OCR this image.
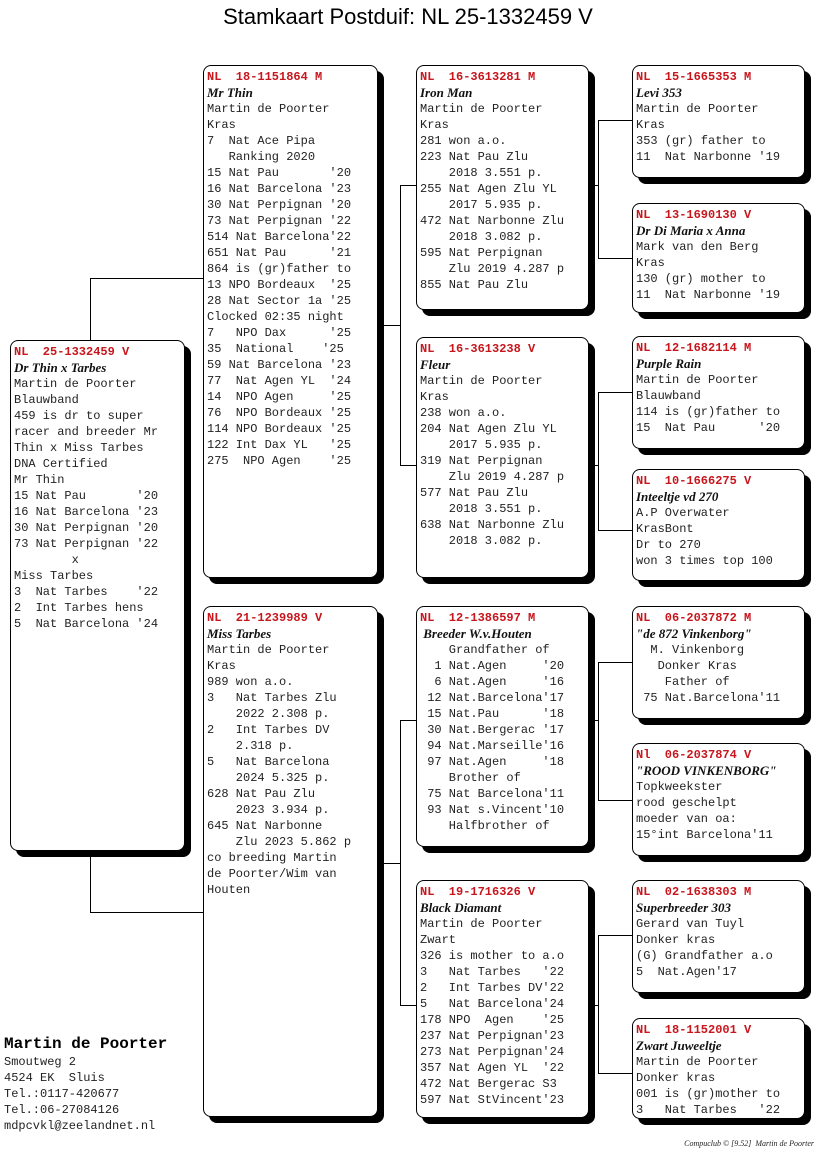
Stamkaart Postduif: NL 25-1332459 V
NL  25-1332459 V
Dr Thin x Tarbes
Martin de Poorter
Blauwband
459 is dr to super
racer and breeder Mr
Thin x Miss Tarbes
DNA Certified
Mr Thin
15 Nat Pau       '20
16 Nat Barcelona '23
30 Nat Perpignan '20
73 Nat Perpignan '22
x
Miss Tarbes
3  Nat Tarbes    '22
2  Int Tarbes hens
5  Nat Barcelona '24
NL  18-1151864 M
Mr Thin
Martin de Poorter
Kras
7  Nat Ace Pipa
Ranking 2020
15 Nat Pau       '20
16 Nat Barcelona '23
30 Nat Perpignan '20
73 Nat Perpignan '22
514 Nat Barcelona'22
651 Nat Pau      '21
864 is (gr)father to
13 NPO Bordeaux  '25
28 Nat Sector 1a '25
Clocked 02:35 night
7   NPO Dax      '25
35  National    '25
59 Nat Barcelona '23
77  Nat Agen YL  '24
14  NPO Agen     '25
76  NPO Bordeaux '25
114 NPO Bordeaux '25
122 Int Dax YL   '25
275  NPO Agen    '25
NL  21-1239989 V
Miss Tarbes
Martin de Poorter
Kras
989 won a.o.
3   Nat Tarbes Zlu
2022 2.308 p.
2   Int Tarbes DV
2.318 p.
5   Nat Barcelona
2024 5.325 p.
628 Nat Pau Zlu
2023 3.934 p.
645 Nat Narbonne
Zlu 2023 5.862 p
co breeding Martin
de Poorter/Wim van
Houten
NL  16-3613281 M
Iron Man
Martin de Poorter
Kras
281 won a.o.
223 Nat Pau Zlu
2018 3.551 p.
255 Nat Agen Zlu YL
2017 5.935 p.
472 Nat Narbonne Zlu
2018 3.082 p.
595 Nat Perpignan
Zlu 2019 4.287 p
855 Nat Pau Zlu
NL  16-3613238 V
Fleur
Martin de Poorter
Kras
238 won a.o.
204 Nat Agen Zlu YL
2017 5.935 p.
319 Nat Perpignan
Zlu 2019 4.287 p
577 Nat Pau Zlu
2018 3.551 p.
638 Nat Narbonne Zlu
2018 3.082 p.
NL  12-1386597 M
Breeder W.v.Houten
Grandfather of
1 Nat.Agen     '20
6 Nat.Agen     '16
12 Nat.Barcelona'17
15 Nat.Pau      '18
30 Nat.Bergerac '17
94 Nat.Marseille'16
97 Nat.Agen     '18
Brother of
75 Nat Barcelona'11
93 Nat s.Vincent'10
Halfbrother of
NL  19-1716326 V
Black Diamant
Martin de Poorter
Zwart
326 is mother to a.o
3   Nat Tarbes   '22
2   Int Tarbes DV'22
5   Nat Barcelona'24
178 NPO  Agen    '25
237 Nat Perpignan'23
273 Nat Perpignan'24
357 Nat Agen YL  '22
472 Nat Bergerac S3
597 Nat StVincent'23
NL  15-1665353 M
Levi 353
Martin de Poorter
Kras
353 (gr) father to
11  Nat Narbonne '19
NL  13-1690130 V
Dr Di Maria x Anna
Mark van den Berg
Kras
130 (gr) mother to
11  Nat Narbonne '19
NL  12-1682114 M
Purple Rain
Martin de Poorter
Blauwband
114 is (gr)father to
15  Nat Pau      '20
NL  10-1666275 V
Inteeltje vd 270
A.P Overwater
KrasBont
Dr to 270
won 3 times top 100
NL  06-2037872 M
"de 872 Vinkenborg"
M. Vinkenborg
Donker Kras
Father of
75 Nat.Barcelona'11
Nl  06-2037874 V
"ROOD VINKENBORG"
Topkweekster
rood geschelpt
moeder van oa:
15°int Barcelona'11
NL  02-1638303 M
Superbreeder 303
Gerard van Tuyl
Donker kras
(G) Grandfather a.o
5  Nat.Agen'17
NL  18-1152001 V
Zwart Juweeltje
Martin de Poorter
Donker kras
001 is (gr)mother to
3   Nat Tarbes   '22
Martin de Poorter
Smoutweg 2
4524 EK  Sluis
Tel.:0117-420677
Tel.:06-27084126
mdpcvkl@zeelandnet.nl
Compuclub © [9.52]  Martin de Poorter
